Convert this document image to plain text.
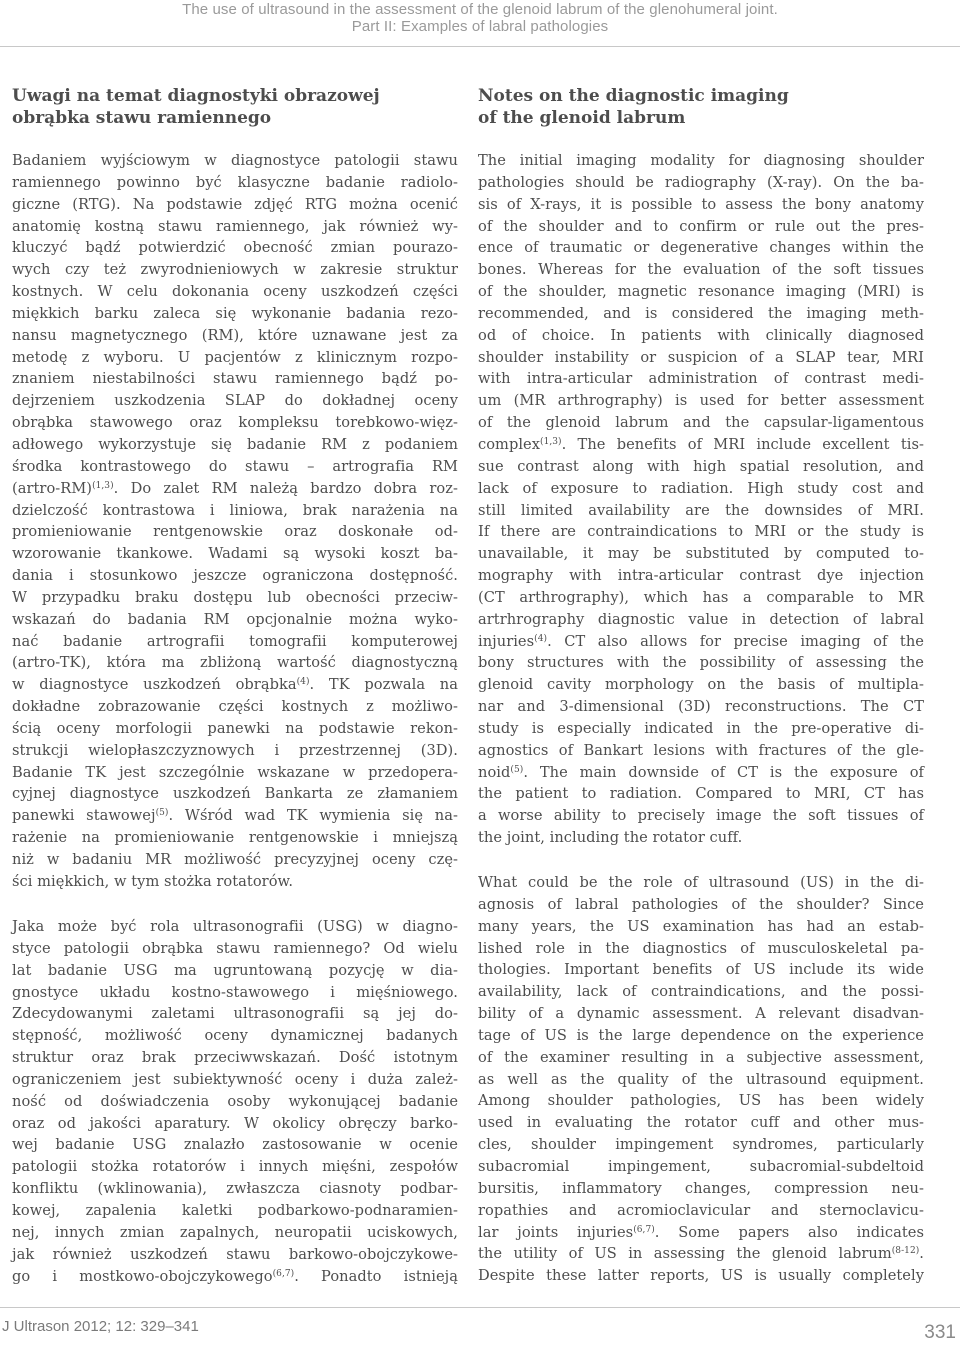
The use of ultrasound in the assessment of the glenoid labrum of the glenohumeral joint.
Part II: Examples of labral pathologies
Uwagi na temat diagnostyki obrazowej
obrąbka stawu ramiennego

Badaniem wyjściowym w diagnostyce patologii stawu
ramiennego powinno być klasyczne badanie radiolo-
giczne (RTG). Na podstawie zdjęć RTG można ocenić
anatomię kostną stawu ramiennego, jak również wy-
kluczyć bądź potwierdzić obecność zmian pourazo-
wych czy też zwyrodnieniowych w zakresie struktur
kostnych. W celu dokonania oceny uszkodzeń części
miękkich barku zaleca się wykonanie badania rezo-
nansu magnetycznego (RM), które uznawane jest za
metodę z wyboru. U pacjentów z klinicznym rozpo-
znaniem niestabilności stawu ramiennego bądź po-
dejrzeniem uszkodzenia SLAP do dokładnej oceny
obrąbka stawowego oraz kompleksu torebkowo-więz-
adłowego wykorzystuje się badanie RM z podaniem
środka kontrastowego do stawu – artrografia RM
(artro-RM)$^{(1,3)}$. Do zalet RM należą bardzo dobra roz-
dzielczość kontrastowa i liniowa, brak narażenia na
promieniowanie rentgenowskie oraz doskonałe od-
wzorowanie tkankowe. Wadami są wysoki koszt ba-
dania i stosunkowo jeszcze ograniczona dostępność.
W przypadku braku dostępu lub obecności przeciw-
wskazań do badania RM opcjonalnie można wyko-
nać badanie artrografii tomografii komputerowej
(artro-TK), która ma zbliżoną wartość diagnostyczną
w diagnostyce uszkodzeń obrąbka$^{(4)}$. TK pozwala na
dokładne zobrazowanie części kostnych z możliwo-
ścią oceny morfologii panewki na podstawie rekon-
strukcji wielopłaszczyznowych i przestrzennej (3D).
Badanie TK jest szczególnie wskazane w przedopera-
cyjnej diagnostyce uszkodzeń Bankarta ze złamaniem
panewki stawowej$^{(5)}$. Wśród wad TK wymienia się na-
rażenie na promieniowanie rentgenowskie i mniejszą
niż w badaniu MR możliwość precyzyjnej oceny czę-
ści miękkich, w tym stożka rotatorów.

Jaka może być rola ultrasonografii (USG) w diagno-
styce patologii obrąbka stawu ramiennego? Od wielu
lat badanie USG ma ugruntowaną pozycję w dia-
gnostyce układu kostno-stawowego i mięśniowego.
Zdecydowanymi zaletami ultrasonografii są jej do-
stępność, możliwość oceny dynamicznej badanych
struktur oraz brak przeciwwskazań. Dość istotnym
ograniczeniem jest subiektywność oceny i duża zależ-
ność od doświadczenia osoby wykonującej badanie
oraz od jakości aparatury. W okolicy obręczy barko-
wej badanie USG znalazło zastosowanie w ocenie
patologii stożka rotatorów i innych mięśni, zespołów
konfliktu (wklinowania), zwłaszcza ciasnoty podbar-
kowej, zapalenia kaletki podbarkowo-podnaramien-
nej, innych zmian zapalnych, neuropatii uciskowych,
jak również uszkodzeń stawu barkowo-obojczykowe-
go i mostkowo-obojczykowego$^{(6,7)}$. Ponadto istnieją

Notes on the diagnostic imaging
of the glenoid labrum

The initial imaging modality for diagnosing shoulder
pathologies should be radiography (X-ray). On the ba-
sis of X-rays, it is possible to assess the bony anatomy
of the shoulder and to confirm or rule out the pres-
ence of traumatic or degenerative changes within the
bones. Whereas for the evaluation of the soft tissues
of the shoulder, magnetic resonance imaging (MRI) is
recommended, and is considered the imaging meth-
od of choice. In patients with clinically diagnosed
shoulder instability or suspicion of a SLAP tear, MRI
with intra-articular administration of contrast medi-
um (MR arthrography) is used for better assessment
of the glenoid labrum and the capsular-ligamentous
complex$^{(1,3)}$. The benefits of MRI include excellent tis-
sue contrast along with high spatial resolution, and
lack of exposure to radiation. High study cost and
still limited availability are the downsides of MRI.
If there are contraindications to MRI or the study is
unavailable, it may be substituted by computed to-
mography with intra-articular contrast dye injection
(CT arthrography), which has a comparable to MR
artrhrography diagnostic value in detection of labral
injuries$^{(4)}$. CT also allows for precise imaging of the
bony structures with the possibility of assessing the
glenoid cavity morphology on the basis of multipla-
nar and 3-dimensional (3D) reconstructions. The CT
study is especially indicated in the pre-operative di-
agnostics of Bankart lesions with fractures of the gle-
noid$^{(5)}$. The main downside of CT is the exposure of
the patient to radiation. Compared to MRI, CT has
a worse ability to precisely image the soft tissues of
the joint, including the rotator cuff.

What could be the role of ultrasound (US) in the di-
agnosis of labral pathologies of the shoulder? Since
many years, the US examination has had an estab-
lished role in the diagnostics of musculoskeletal pa-
thologies. Important benefits of US include its wide
availability, lack of contraindications, and the possi-
bility of a dynamic assessment. A relevant disadvan-
tage of US is the large dependence on the experience
of the examiner resulting in a subjective assessment,
as well as the quality of the ultrasound equipment.
Among shoulder pathologies, US has been widely
used in evaluating the rotator cuff and other mus-
cles, shoulder impingement syndromes, particularly
subacromial impingement, subacromial-subdeltoid
bursitis, inflammatory changes, compression neu-
ropathies and acromioclavicular and sternoclavicu-
lar joints injuries$^{(6,7)}$. Some papers also indicates
the utility of US in assessing the glenoid labrum$^{(8-12)}$.
Despite these latter reports, US is usually completely

J Ultrason 2012; 12: 329–341	331
